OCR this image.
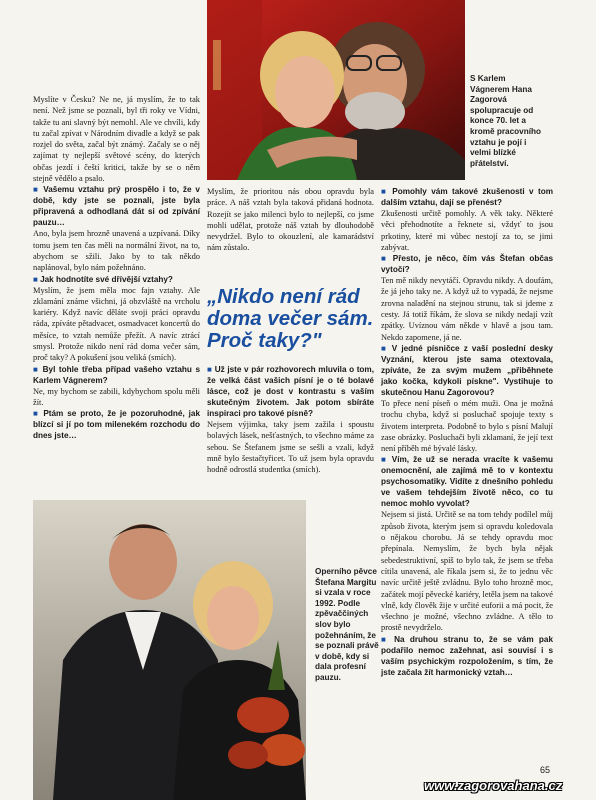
S Karlem Vágnerem Hana Zagorová spolupracuje od konce 70. let a kromě pracovního vztahu je pojí i velmi blízké přátelství.

Myslíte v Česku? Ne ne, já myslím, že to tak není. Než jsme se poznali, byl tři roky ve Vídni, takže tu ani slavný být nemohl. Ale ve chvíli, kdy tu začal zpívat v Národním divadle a když se pak rozjel do světa, začal být známý. Začaly se o něj zajímat ty nejlepší světové scény, do kterých občas jezdí i čeští kritici, takže by se o něm stejně vědělo a psalo.

■ Vašemu vztahu prý prospělo i to, že v době, kdy jste se poznali, jste byla připravená a odhodlaná dát si od zpívání pauzu…

Ano, byla jsem hrozně unavená a uzpívaná. Díky tomu jsem ten čas měli na normální život, na to, abychom se sžili. Jako by to tak někdo naplánoval, bylo nám požehnáno.

■ Jak hodnotíte své dřívější vztahy?

Myslím, že jsem měla moc fajn vztahy. Ale zklamání známe všichni, já obzvláště na vrcholu kariéry. Když navíc děláte svoji práci opravdu ráda, zpíváte pětadvacet, osmadvacet koncertů do měsíce, to vztah nemůže přežít. A navíc ztrácí smysl. Protože nikdo není rád doma večer sám, proč taky? A pokušení jsou veliká (smích).

■ Byl tohle třeba případ vašeho vztahu s Karlem Vágnerem?

Ne, my bychom se zabili, kdybychom spolu měli žít.

■ Ptám se proto, že je pozoruhodné, jak blízcí si jí po tom milenekém rozchodu do dnes jste…

Myslím, že prioritou nás obou opravdu byla práce. A náš vztah byla taková přidaná hodnota. Rozejít se jako milenci bylo to nejlepší, co jsme mohli udělat, protože náš vztah by dlouhodobě nevydržel. Bylo to okouzlení, ale kamarádství nám zůstalo.

„Nikdo není rád doma večer sám. Proč taky?"

■ Už jste v pár rozhovorech mluvila o tom, že velká část vašich písní je o té bolavé lásce, což je dost v kontrastu s vaším skutečným životem. Jak potom sbíráte inspiraci pro takové písně?

Nejsem výjimka, taky jsem zažila i spoustu bolavých lásek, nešťastných, to všechno máme za sebou. Se Štefanem jsme se sešli a vzali, když mně bylo šestačtyřicet. To už jsem byla opravdu hodně odrostlá studentka (smích).

■ Pomohly vám takové zkušenosti v tom dalším vztahu, dají se přenést?

Zkušenosti určitě pomohly. A věk taky. Některé věci přehodnotíte a řeknete si, vždyť to jsou prkotiny, které mi vůbec nestojí za to, se jimi zabývat.

■ Přesto, je něco, čím vás Štefan občas vytočí?

Ten mě nikdy nevytáčí. Opravdu nikdy. A doufám, že já jeho taky ne. A když už to vypadá, že nejsme zrovna naladění na stejnou strunu, tak si jdeme z cesty. Já totiž říkám, že slova se nikdy nedají vzít zpátky. Uvíznou vám někde v hlavě a jsou tam. Nekdo zapomene, já ne.

■ V jedné písničce z vaší poslední desky Vyznání, kterou jste sama otextovala, zpíváte, že za svým mužem „přiběhnete jako kočka, kdykoli pískne". Vystihuje to skutečnou Hanu Zagorovou?

To přece není píseň o mém muži. Ona je možná trochu chyba, když si posluchač spojuje texty s životem interpreta. Podobně to bylo s písní Malují zase obrázky. Posluchači byli zklamaní, že její text není příběh mé bývalé lásky.

■ Vím, že už se nerada vracíte k vašemu onemocnění, ale zajímá mě to v kontextu psychosomatiky. Vidíte z dnešního pohledu ve vašem tehdejším životě něco, co tu nemoc mohlo vyvolat?

Nejsem si jistá. Určitě se na tom tehdy podílel můj způsob života, kterým jsem si opravdu koledovala o nějakou chorobu. Já se tehdy opravdu moc přepínala. Nemyslím, že bych byla nějak sebedestruktivní, spíš to bylo tak, že jsem se třeba cítila unavená, ale říkala jsem si, že to jednu věc navíc určitě ještě zvládnu. Bylo toho hrozně moc, začátek mojí pěvecké kariéry, letěla jsem na takové vlně, kdy člověk žije v určité euforii a má pocit, že všechno je možné, všechno zvládne. A tělo to prostě nevydrželo.

■ Na druhou stranu to, že se vám pak podařilo nemoc zažehnat, asi souvisí i s vaším psychickým rozpoložením, s tím, že jste začala žít harmonický vztah…

Operního pěvce Štefana Margitu si vzala v roce 1992. Podle zpěvaččiných slov bylo požehnáním, že se poznali právě v době, kdy si dala profesní pauzu.
65
www.zagorovahana.cz
